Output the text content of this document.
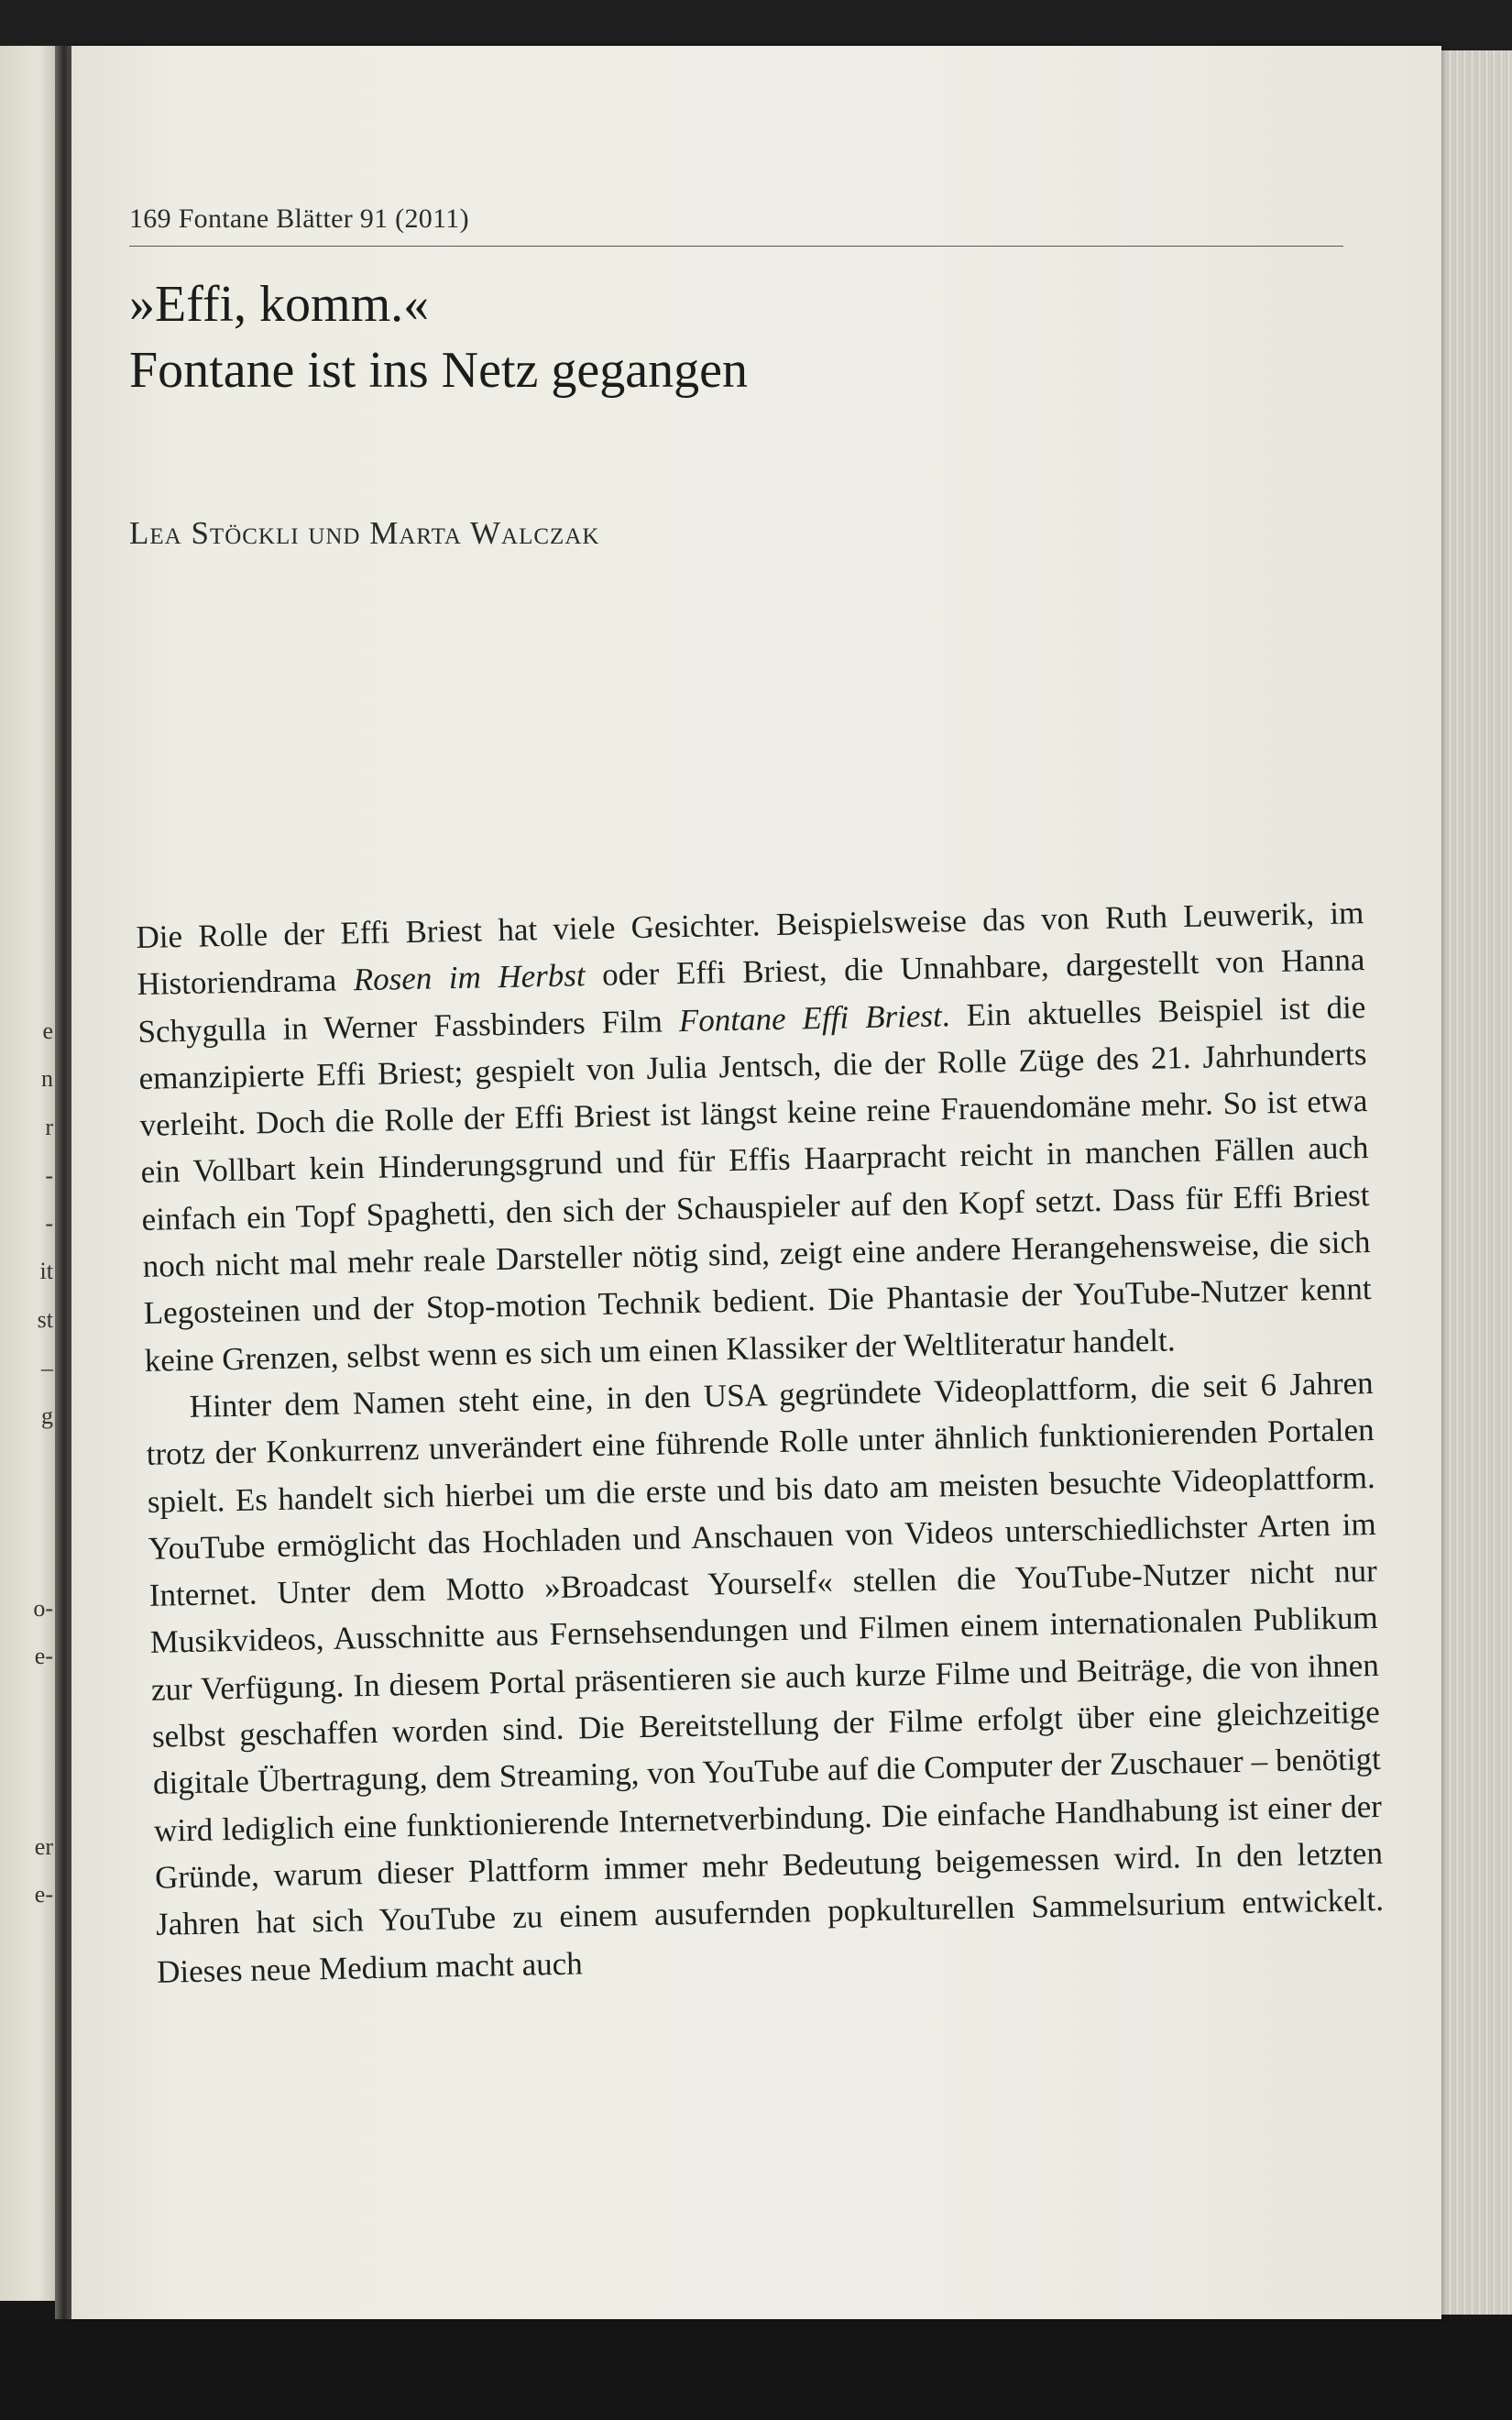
e
n
r
-
-
it
st
–
g
o-
e-
er
e-
169 Fontane Blätter 91 (2011)
»Effi, komm.«
Fontane ist ins Netz gegangen
Lea Stöckli und Marta Walczak

Die Rolle der Effi Briest hat viele Gesichter. Beispielsweise das von Ruth Leuwerik, im Historiendrama Rosen im Herbst oder Effi Briest, die Unnahbare, dargestellt von Hanna Schygulla in Werner Fassbinders Film Fontane Effi Briest. Ein aktuelles Beispiel ist die emanzipierte Effi Briest; gespielt von Julia Jentsch, die der Rolle Züge des 21. Jahrhunderts verleiht. Doch die Rolle der Effi Briest ist längst keine reine Frauendomäne mehr. So ist etwa ein Vollbart kein Hinderungsgrund und für Effis Haarpracht reicht in manchen Fällen auch einfach ein Topf Spaghetti, den sich der Schauspieler auf den Kopf setzt. Dass für Effi Briest noch nicht mal mehr reale Darsteller nötig sind, zeigt eine andere Herangehensweise, die sich Legosteinen und der Stop-motion Technik bedient. Die Phantasie der YouTube-Nutzer kennt keine Grenzen, selbst wenn es sich um einen Klassiker der Weltliteratur handelt.

Hinter dem Namen steht eine, in den USA gegründete Videoplattform, die seit 6 Jahren trotz der Konkurrenz unverändert eine führende Rolle unter ähnlich funktionierenden Portalen spielt. Es handelt sich hierbei um die erste und bis dato am meisten besuchte Videoplattform. YouTube ermöglicht das Hochladen und Anschauen von Videos unterschiedlichster Arten im Internet. Unter dem Motto »Broadcast Yourself« stellen die YouTube-Nutzer nicht nur Musikvideos, Ausschnitte aus Fernsehsendungen und Filmen einem internationalen Publikum zur Verfügung. In diesem Portal präsentieren sie auch kurze Filme und Beiträge, die von ihnen selbst geschaffen worden sind. Die Bereitstellung der Filme erfolgt über eine gleichzeitige digitale Übertragung, dem Streaming, von YouTube auf die Computer der Zuschauer – benötigt wird lediglich eine funktionierende Internetverbindung. Die einfache Handhabung ist einer der Gründe, warum dieser Plattform immer mehr Bedeutung beigemessen wird. In den letzten Jahren hat sich YouTube zu einem ausufernden popkulturellen Sammelsurium entwickelt. Dieses neue Medium macht auch
